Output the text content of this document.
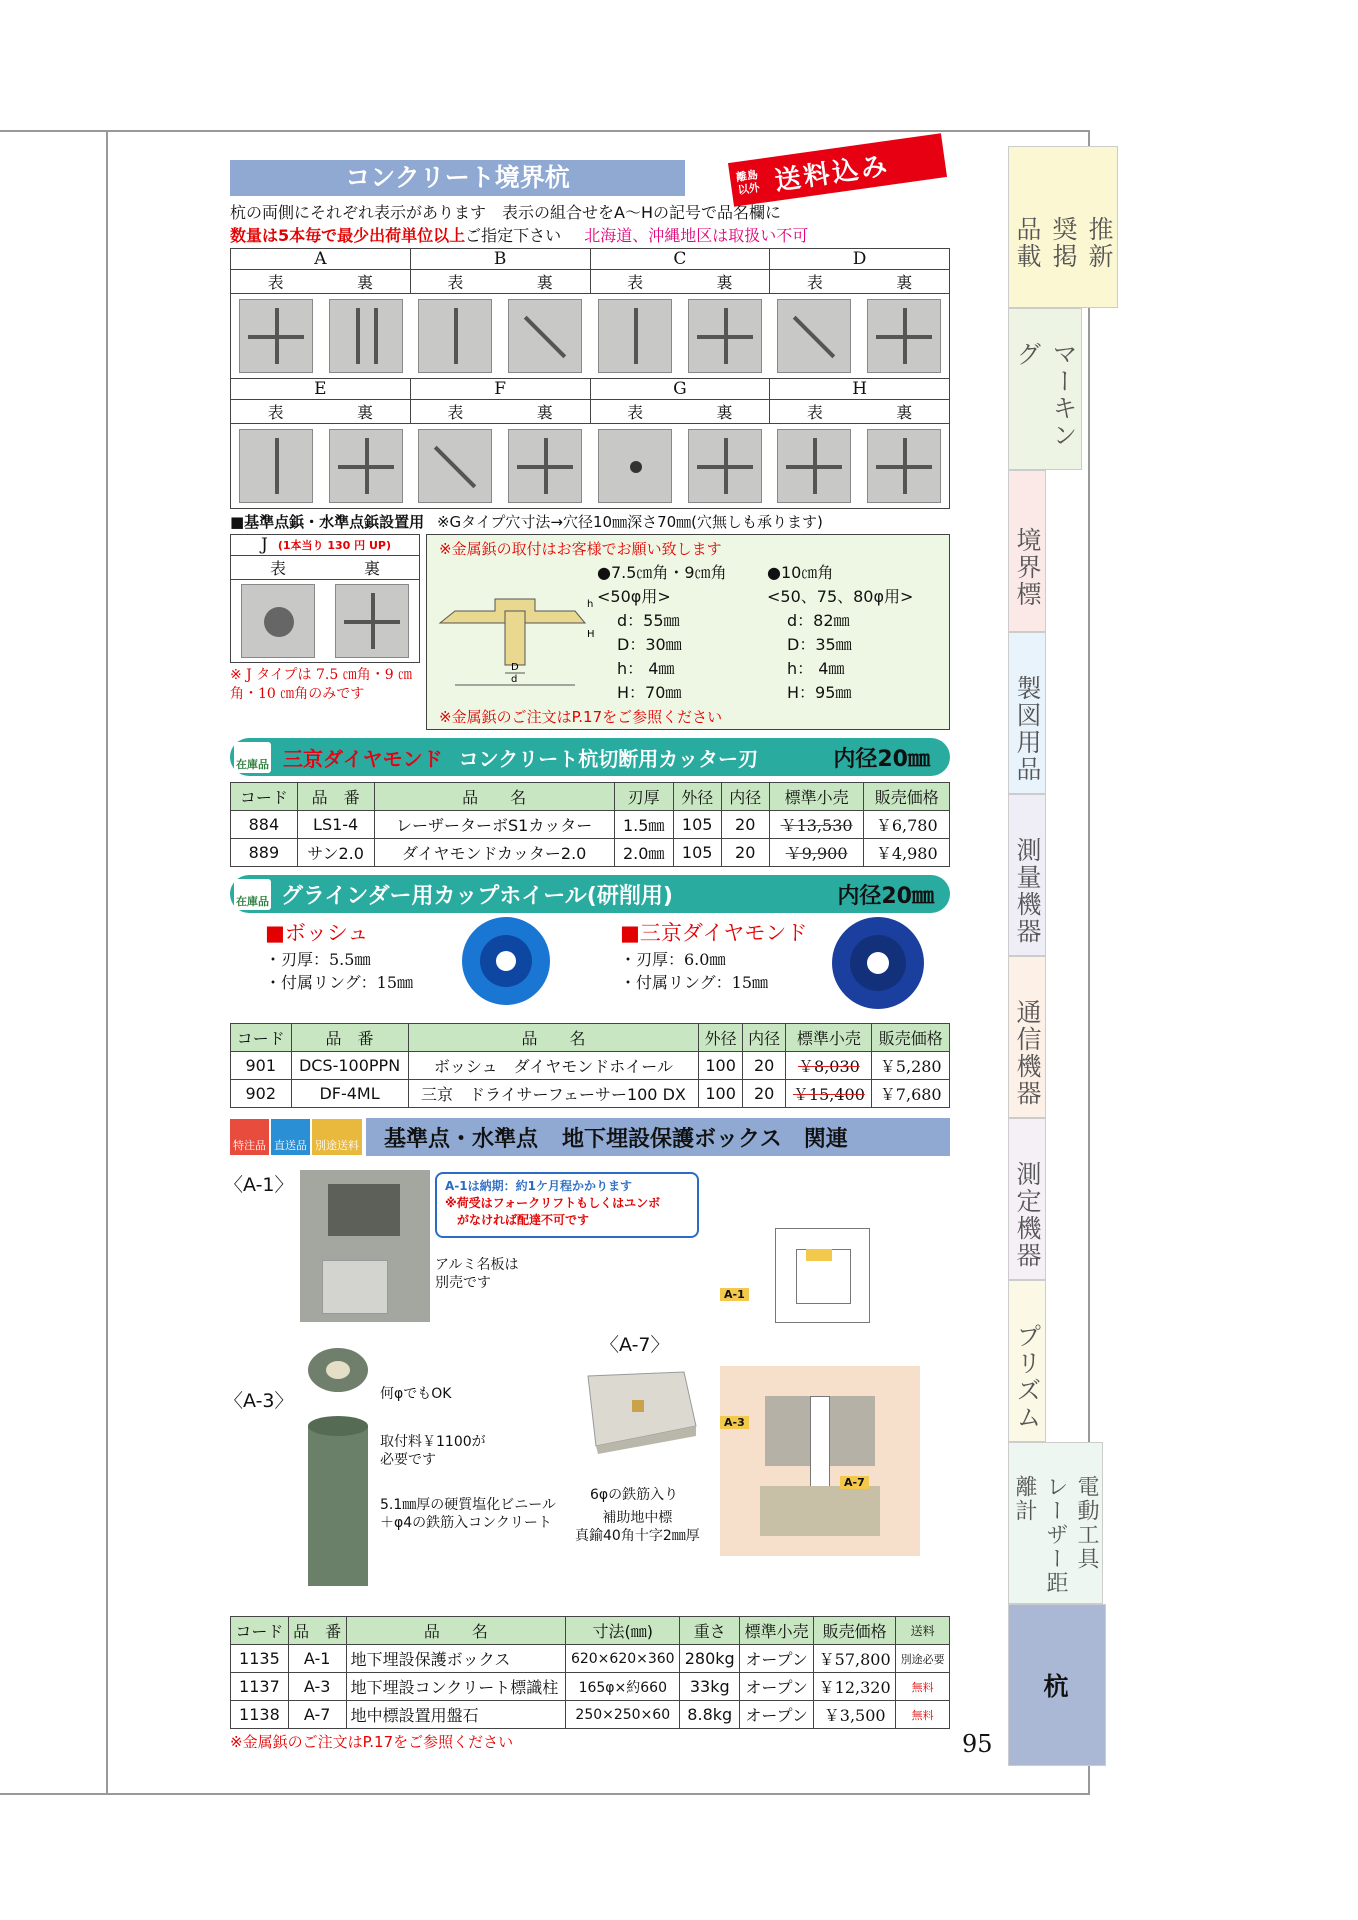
95
推新
奨掲
品載
マーキング
境界標
製図用品
測量機器
通信機器
測定機器
プリズム
電動工具
レーザー距離計
杭
コンクリート境界杭	離島以外 送料込み
杭の両側にそれぞれ表示があります　表示の組合せをA～Hの記号で品名欄に
数量は5本毎で最少出荷単位以上ご指定下さい 北海道、沖縄地区は取扱い不可
A	B	C	D
表	裏	表	裏	表	裏	表	裏
E	F	G	H
表	裏	表	裏	表	裏	表	裏
■基準点鋲・水準点鋲設置用 ※Gタイプ穴寸法→穴径10㎜深さ70㎜(穴無しも承ります)
J (1本当り 130 円 UP)
表	裏
※ J タイプは 7.5 ㎝角・9 ㎝角・10 ㎝角のみです
※金属鋲の取付はお客様でお願い致します
D
d
h
H
●7.5㎝角・9㎝角
<50φ用>
d：55㎜
D：30㎜
h： 4㎜
H：70㎜
●10㎝角
<50、75、80φ用>
d：82㎜
D：35㎜
h： 4㎜
H：95㎜
※金属鋲のご注文はP.17をご参照ください
在庫品 三京ダイヤモンド コンクリート杭切断用カッター刃	内径20㎜
コード	品　番	品　　名	刃厚	外径	内径	標準小売	販売価格
884	LS1-4	レーザーターボS1カッター	1.5㎜	105	20	￥13,530	￥6,780
889	サン2.0	ダイヤモンドカッター2.0	2.0㎜	105	20	￥9,900	￥4,980
在庫品 グラインダー用カップホイール(研削用)	内径20㎜
■ボッシュ
・刃厚：5.5㎜
・付属リング：15㎜
■三京ダイヤモンド
・刃厚：6.0㎜
・付属リング：15㎜
コード	品　番	品　　名	外径	内径	標準小売	販売価格
901	DCS-100PPN	ボッシュ　ダイヤモンドホイール	100	20	￥8,030	￥5,280
902	DF-4ML	三京　ドライサーフェーサー100 DX	100	20	￥15,400	￥7,680
特注品 直送品 別途送料 基準点・水準点 地下埋設保護ボックス　関連
〈A-1〉
アルミ名板は
別売です
A-1は納期：約1ケ月程かかります
※荷受はフォークリフトもしくはユンボ
がなければ配達不可です
〈A-3〉	何φでもOK
取付料￥1100が
必要です
5.1㎜厚の硬質塩化ビニール
＋φ4の鉄筋入コンクリート
〈A-7〉
6φの鉄筋入り
補助地中標
真鍮40角十字2㎜厚
A-1
A-3
A-7
コード	品　番	品　　名	寸法(㎜)	重さ	標準小売	販売価格	送料
1135	A-1	地下埋設保護ボックス	620×620×360	280kg	オープン	￥57,800	別途必要
1137	A-3	地下埋設コンクリート標識柱	165φ×約660	33kg	オープン	￥12,320	無料
1138	A-7	地中標設置用盤石	250×250×60	8.8kg	オープン	￥3,500	無料
※金属鋲のご注文はP.17をご参照ください
